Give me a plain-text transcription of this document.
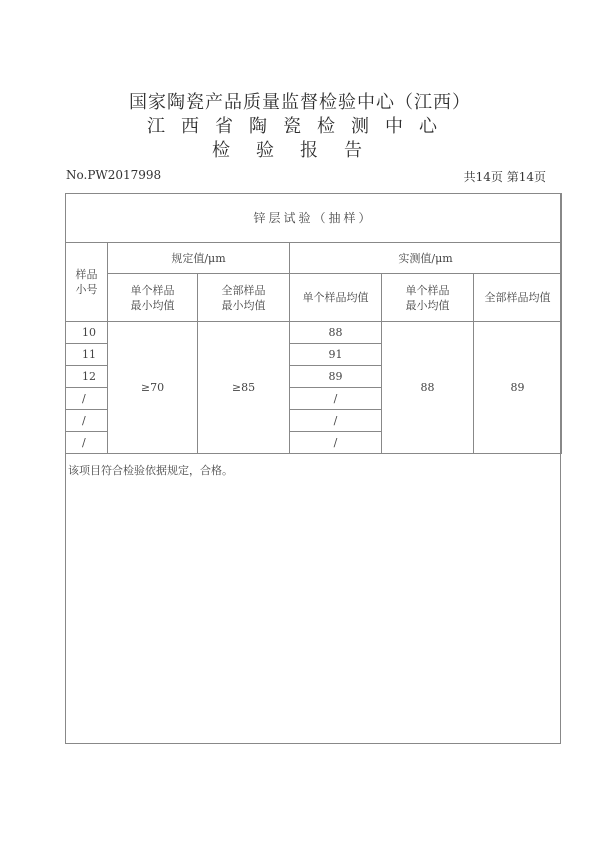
国家陶瓷产品质量监督检验中心（江西）
江西省陶瓷检测中心
检验报告
No.PW2017998	共14页 第14页
锌层试验（抽样）					
样品小号	规定值/μm		实测值/μm		
	单个样品最小均值	全部样品最小均值	单个样品均值	单个样品最小均值	全部样品均值
10	≥70	≥85	88	88	89
11			91		
12			89		
/			/		
/			/		
/			/		
该项目符合检验依据规定，合格。
